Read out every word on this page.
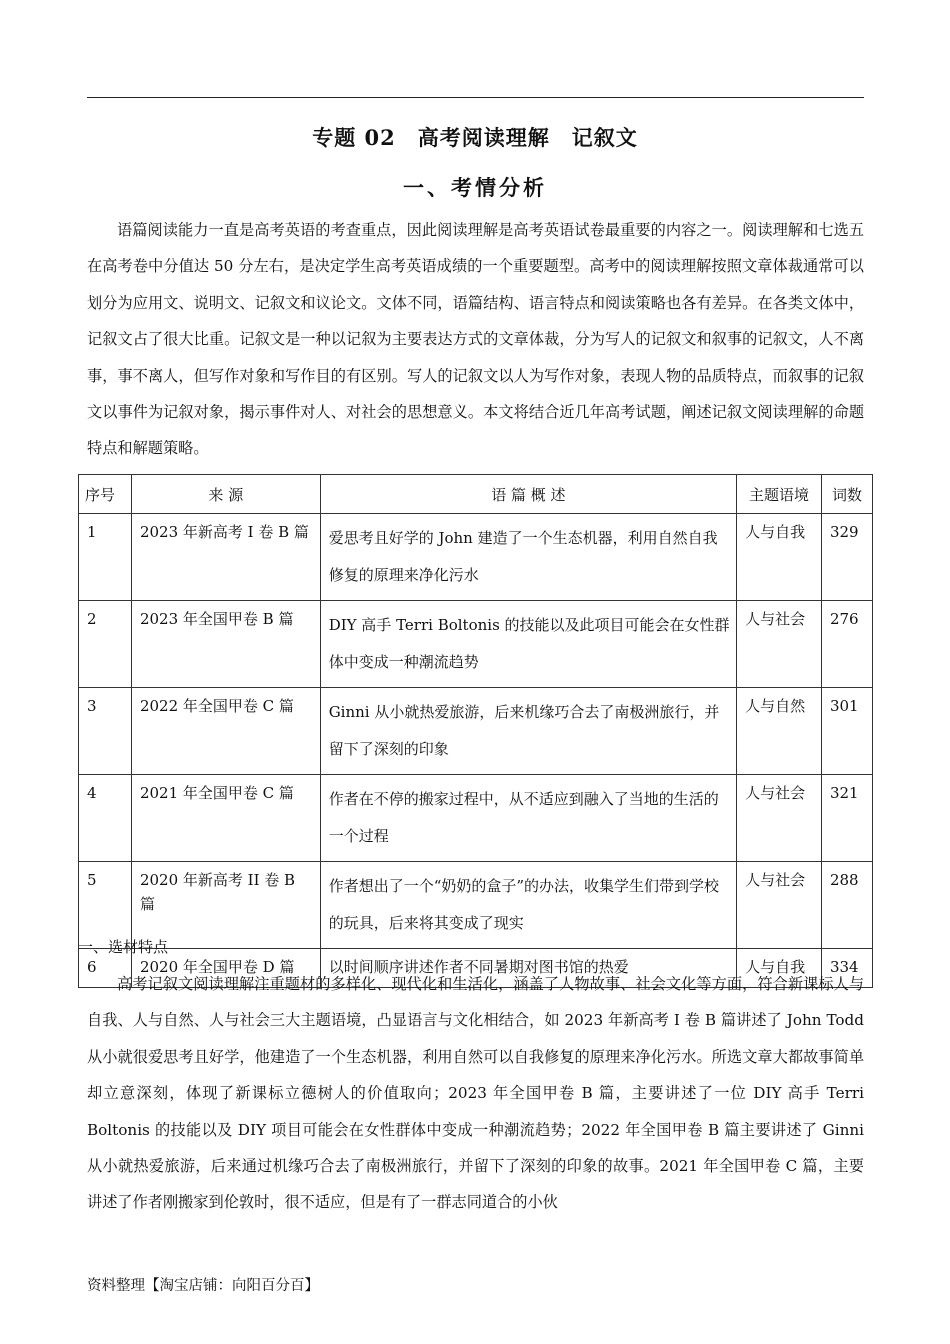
专题 02 高考阅读理解 记叙文
一、考情分析

语篇阅读能力一直是高考英语的考查重点，因此阅读理解是高考英语试卷最重要的内容之一。阅读理解和七选五在高考卷中分值达 50 分左右，是决定学生高考英语成绩的一个重要题型。高考中的阅读理解按照文章体裁通常可以划分为应用文、说明文、记叙文和议论文。文体不同，语篇结构、语言特点和阅读策略也各有差异。在各类文体中，记叙文占了很大比重。记叙文是一种以记叙为主要表达方式的文章体裁，分为写人的记叙文和叙事的记叙文，人不离事，事不离人，但写作对象和写作目的有区别。写人的记叙文以人为写作对象，表现人物的品质特点，而叙事的记叙文以事件为记叙对象，揭示事件对人、对社会的思想意义。本文将结合近几年高考试题，阐述记叙文阅读理解的命题特点和解题策略。

序号	来 源	语 篇 概 述	主题语境	词数
1	2023 年新高考 I 卷 B 篇	爱思考且好学的 John 建造了一个生态机器，利用自然自我修复的原理来净化污水	人与自我	329
2	2023 年全国甲卷 B 篇	DIY 高手 Terri Boltonis 的技能以及此项目可能会在女性群体中变成一种潮流趋势	人与社会	276
3	2022 年全国甲卷 C 篇	Ginni 从小就热爱旅游，后来机缘巧合去了南极洲旅行，并留下了深刻的印象	人与自然	301
4	2021 年全国甲卷 C 篇	作者在不停的搬家过程中，从不适应到融入了当地的生活的一个过程	人与社会	321
5	2020 年新高考 II 卷 B 篇	作者想出了一个“奶奶的盒子”的办法，收集学生们带到学校的玩具，后来将其变成了现实	人与社会	288
6	2020 年全国甲卷 D 篇	以时间顺序讲述作者不同暑期对图书馆的热爱	人与自我	334
一、选材特点

高考记叙文阅读理解注重题材的多样化、现代化和生活化，涵盖了人物故事、社会文化等方面，符合新课标人与自我、人与自然、人与社会三大主题语境，凸显语言与文化相结合，如 2023 年新高考 I 卷 B 篇讲述了 John Todd 从小就很爱思考且好学，他建造了一个生态机器，利用自然可以自我修复的原理来净化污水。所选文章大都故事简单却立意深刻，体现了新课标立德树人的价值取向；2023 年全国甲卷 B 篇，主要讲述了一位 DIY 高手 Terri Boltonis 的技能以及 DIY 项目可能会在女性群体中变成一种潮流趋势；2022 年全国甲卷 B 篇主要讲述了 Ginni 从小就热爱旅游，后来通过机缘巧合去了南极洲旅行，并留下了深刻的印象的故事。2021 年全国甲卷 C 篇，主要讲述了作者刚搬家到伦敦时，很不适应，但是有了一群志同道合的小伙

资料整理【淘宝店铺：向阳百分百】
